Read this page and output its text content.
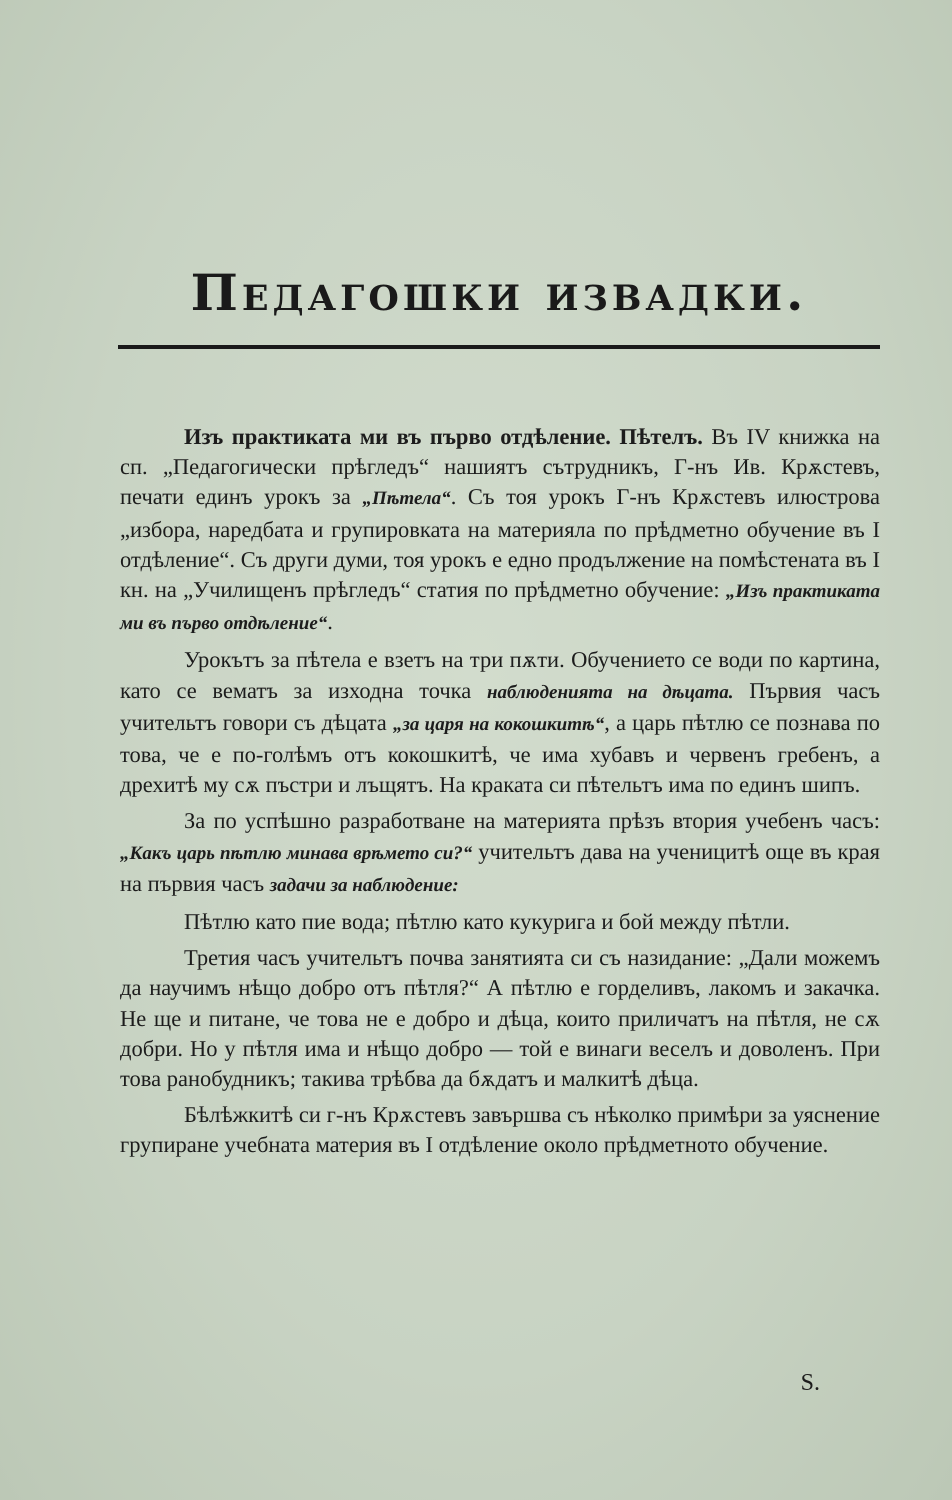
Педагошки извадки.

Изъ практиката ми въ първо отдѣление. Пѣтелъ. Въ IV книжка на сп. „Педагогически прѣгледъ“ нашиятъ сътрудникъ, Г-нъ Ив. Крѫстевъ, печати единъ урокъ за „Пѣтела“. Съ тоя урокъ Г-нъ Крѫстевъ илюстрова „избора, наредбата и групировката на материяла по прѣдметно обучение въ I отдѣление“. Съ други думи, тоя урокъ е едно продължение на помѣстената въ I кн. на „Училищенъ прѣгледъ“ статия по прѣдметно обучение: „Изъ практиката ми въ първо отдѣление“.

Урокътъ за пѣтела е взетъ на три пѫти. Обучението се води по картина, като се вематъ за изходна точка наблюденията на дѣцата. Първия часъ учительтъ говори съ дѣцата „за царя на кокошкитѣ“, а царь пѣтлю се познава по това, че е по-голѣмъ отъ кокошкитѣ, че има хубавъ и червенъ гребенъ, а дрехитѣ му сѫ пъстри и лъщятъ. На краката си пѣтельтъ има по единъ шипъ.

За по успѣшно разработване на материята прѣзъ втория учебенъ часъ: „Какъ царь пѣтлю минава врѣмето си?“ учительтъ дава на ученицитѣ още въ края на първия часъ задачи за наблюдение:

Пѣтлю като пие вода; пѣтлю като кукурига и бой между пѣтли.

Третия часъ учительтъ почва занятията си съ назидание: „Дали можемъ да научимъ нѣщо добро отъ пѣтля?“ А пѣтлю е горделивъ, лакомъ и закачка. Не ще и питане, че това не е добро и дѣца, които приличатъ на пѣтля, не сѫ добри. Но у пѣтля има и нѣщо добро — той е винаги веселъ и доволенъ. При това ранобудникъ; такива трѣбва да бѫдатъ и малкитѣ дѣца.

Бѣлѣжкитѣ си г-нъ Крѫстевъ завършва съ нѣколко примѣри за уяснение групиране учебната материя въ I отдѣление около прѣдметното обучение.

S.
